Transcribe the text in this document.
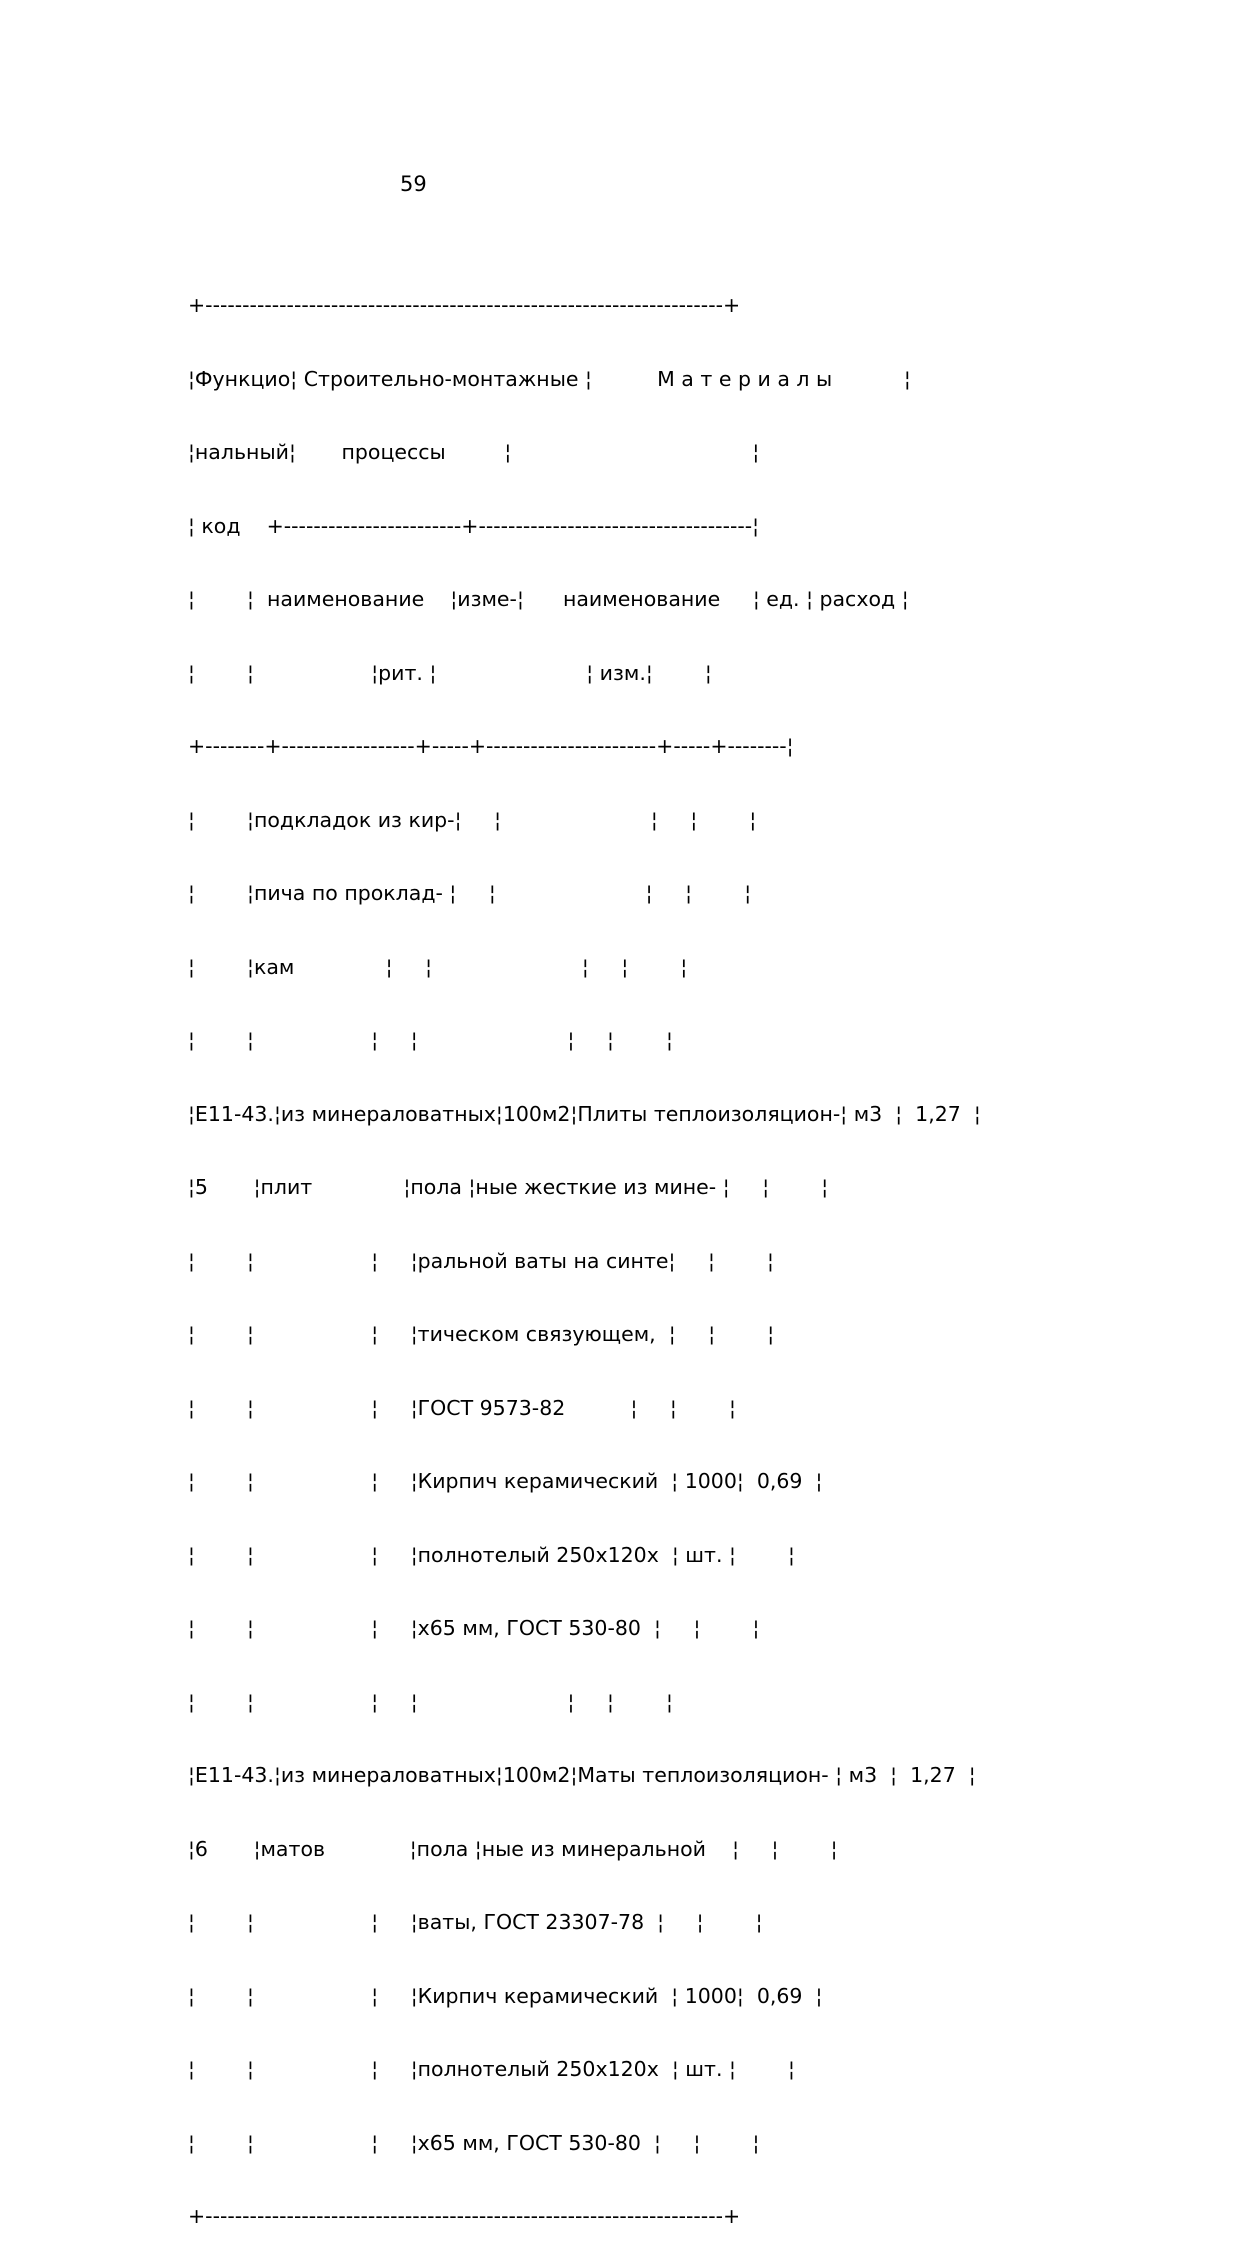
59

+----------------------------------------------------------------------+

¦Функцио¦ Строительно-монтажные ¦          М а т е р и а л ы           ¦

¦нальный¦       процессы         ¦                                     ¦

¦ код    +------------------------+-------------------------------------¦

¦        ¦  наименование    ¦изме-¦      наименование     ¦ ед. ¦ расход ¦

¦        ¦                  ¦рит. ¦                       ¦ изм.¦        ¦

+--------+------------------+-----+-----------------------+-----+--------¦

¦        ¦подкладок из кир-¦     ¦                       ¦     ¦        ¦

¦        ¦пича по проклад- ¦     ¦                       ¦     ¦        ¦

¦        ¦кам              ¦     ¦                       ¦     ¦        ¦

¦        ¦                  ¦     ¦                       ¦     ¦        ¦

¦Е11-43.¦из минераловатных¦100м2¦Плиты теплоизоляцион-¦ м3  ¦  1,27  ¦

¦5       ¦плит              ¦пола ¦ные жесткие из мине- ¦     ¦        ¦

¦        ¦                  ¦     ¦ральной ваты на синте¦     ¦        ¦

¦        ¦                  ¦     ¦тическом связующем,  ¦     ¦        ¦

¦        ¦                  ¦     ¦ГОСТ 9573-82          ¦     ¦        ¦

¦        ¦                  ¦     ¦Кирпич керамический  ¦ 1000¦  0,69  ¦

¦        ¦                  ¦     ¦полнотелый 250х120х  ¦ шт. ¦        ¦

¦        ¦                  ¦     ¦х65 мм, ГОСТ 530-80  ¦     ¦        ¦

¦        ¦                  ¦     ¦                       ¦     ¦        ¦

¦Е11-43.¦из минераловатных¦100м2¦Маты теплоизоляцион- ¦ м3  ¦  1,27  ¦

¦6       ¦матов             ¦пола ¦ные из минеральной    ¦     ¦        ¦

¦        ¦                  ¦     ¦ваты, ГОСТ 23307-78  ¦     ¦        ¦

¦        ¦                  ¦     ¦Кирпич керамический  ¦ 1000¦  0,69  ¦

¦        ¦                  ¦     ¦полнотелый 250х120х  ¦ шт. ¦        ¦

¦        ¦                  ¦     ¦х65 мм, ГОСТ 530-80  ¦     ¦        ¦

+----------------------------------------------------------------------+
